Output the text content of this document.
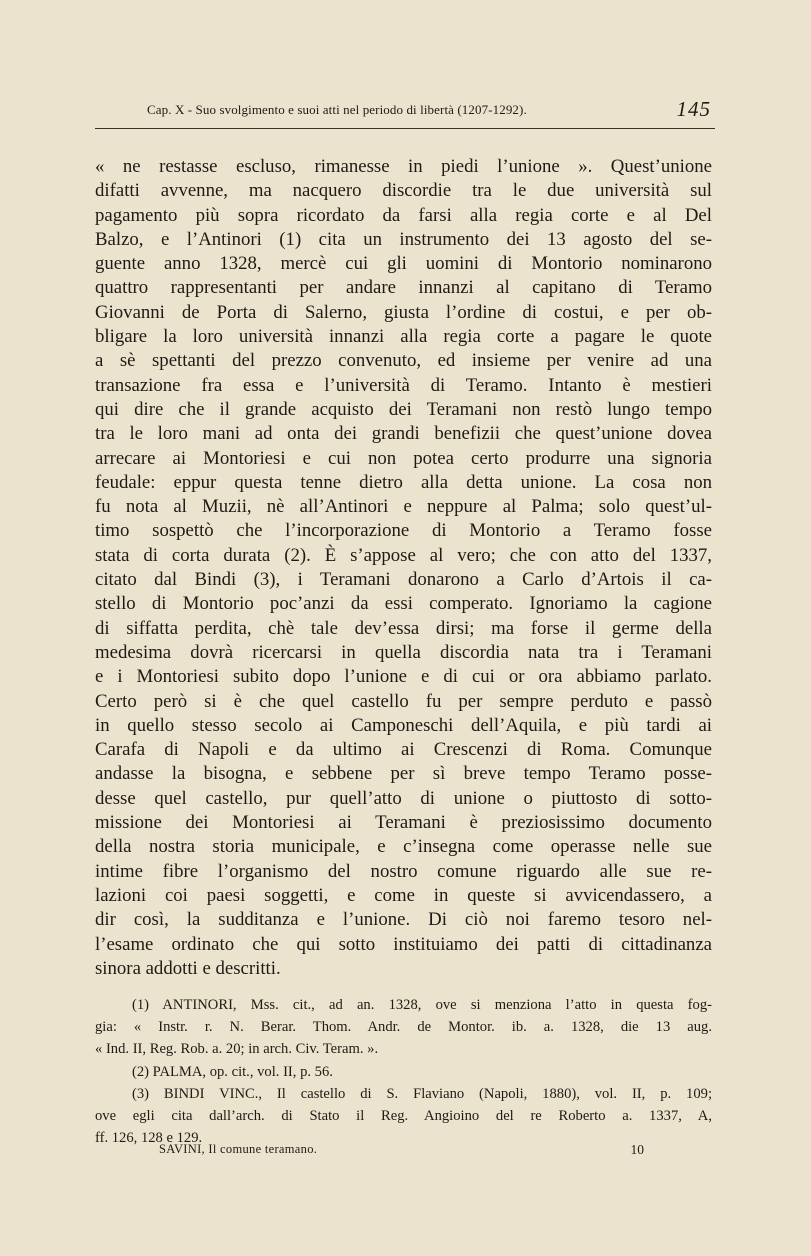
Cap. X - Suo svolgimento e suoi atti nel periodo di libertà (1207-1292).	145
« ne restasse escluso, rimanesse in piedi l’unione ». Quest’unione
difatti avvenne, ma nacquero discordie tra le due università sul
pagamento più sopra ricordato da farsi alla regia corte e al Del
Balzo, e l’Antinori (1) cita un instrumento dei 13 agosto del se-
guente anno 1328, mercè cui gli uomini di Montorio nominarono
quattro rappresentanti per andare innanzi al capitano di Teramo
Giovanni de Porta di Salerno, giusta l’ordine di costui, e per ob-
bligare la loro università innanzi alla regia corte a pagare le quote
a sè spettanti del prezzo convenuto, ed insieme per venire ad una
transazione fra essa e l’università di Teramo. Intanto è mestieri
qui dire che il grande acquisto dei Teramani non restò lungo tempo
tra le loro mani ad onta dei grandi benefizii che quest’unione dovea
arrecare ai Montoriesi e cui non potea certo produrre una signoria
feudale: eppur questa tenne dietro alla detta unione. La cosa non
fu nota al Muzii, nè all’Antinori e neppure al Palma; solo quest’ul-
timo sospettò che l’incorporazione di Montorio a Teramo fosse
stata di corta durata (2). È s’appose al vero; che con atto del 1337,
citato dal Bindi (3), i Teramani donarono a Carlo d’Artois il ca-
stello di Montorio poc’anzi da essi comperato. Ignoriamo la cagione
di siffatta perdita, chè tale dev’essa dirsi; ma forse il germe della
medesima dovrà ricercarsi in quella discordia nata tra i Teramani
e i Montoriesi subito dopo l’unione e di cui or ora abbiamo parlato.
Certo però si è che quel castello fu per sempre perduto e passò
in quello stesso secolo ai Camponeschi dell’Aquila, e più tardi ai
Carafa di Napoli e da ultimo ai Crescenzi di Roma. Comunque
andasse la bisogna, e sebbene per sì breve tempo Teramo posse-
desse quel castello, pur quell’atto di unione o piuttosto di sotto-
missione dei Montoriesi ai Teramani è preziosissimo documento
della nostra storia municipale, e c’insegna come operasse nelle sue
intime fibre l’organismo del nostro comune riguardo alle sue re-
lazioni coi paesi soggetti, e come in queste si avvicendassero, a
dir così, la sudditanza e l’unione. Di ciò noi faremo tesoro nel-
l’esame ordinato che qui sotto instituiamo dei patti di cittadinanza
sinora addotti e descritti.
(1) ANTINORI, Mss. cit., ad an. 1328, ove si menziona l’atto in questa fog-
gia: « Instr. r. N. Berar. Thom. Andr. de Montor. ib. a. 1328, die 13 aug.
« Ind. II, Reg. Rob. a. 20; in arch. Civ. Teram. ».
(2) PALMA, op. cit., vol. II, p. 56.
(3) BINDI VINC., Il castello di S. Flaviano (Napoli, 1880), vol. II, p. 109;
ove egli cita dall’arch. di Stato il Reg. Angioino del re Roberto a. 1337, A,
ff. 126, 128 e 129.
SAVINI, Il comune teramano.	10
